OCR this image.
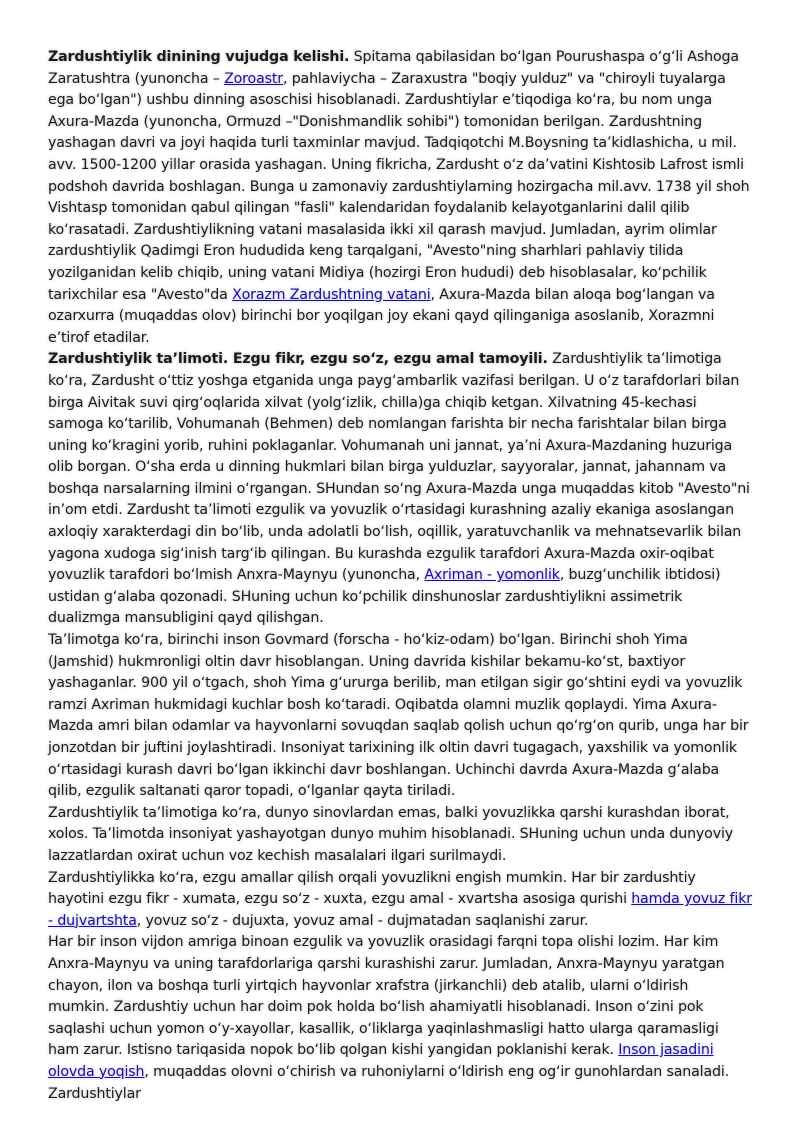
Zardushtiylik dinining vujudga kelishi. Spitama qabilasidan bo‘lgan Pourushaspa o‘g‘li Ashoga Zaratushtra (yunoncha – Zoroastr, pahlaviycha – Zaraxustra "boqiy yulduz" va "chiroyli tuyalarga ega bo‘lgan") ushbu dinning asoschisi hisoblanadi. Zardushtiylar e’tiqodiga ko‘ra, bu nom unga Axura-Mazda (yunoncha, Ormuzd –"Donishmandlik sohibi") tomonidan berilgan. Zardushtning yashagan davri va joyi haqida turli taxminlar mavjud. Tadqiqotchi M.Boysning ta’kidlashicha, u mil. avv. 1500-1200 yillar orasida yashagan. Uning fikricha, Zardusht o‘z da’vatini Kishtosib Lafrost ismli podshoh davrida boshlagan. Bunga u zamonaviy zardushtiylarning hozirgacha mil.avv. 1738 yil shoh Vishtasp tomonidan qabul qilingan "fasli" kalendaridan foydalanib kelayotganlarini dalil qilib ko‘rasatadi. Zardushtiylikning vatani masalasida ikki xil qarash mavjud. Jumladan, ayrim olimlar zardushtiylik Qadimgi Eron hududida keng tarqalgani, "Avesto"ning sharhlari pahlaviy tilida yozilganidan kelib chiqib, uning vatani Midiya (hozirgi Eron hududi) deb hisoblasalar, ko‘pchilik tarixchilar esa "Avesto"da Xorazm Zardushtning vatani, Axura-Mazda bilan aloqa bog‘langan va ozarxurra (muqaddas olov) birinchi bor yoqilgan joy ekani qayd qilinganiga asoslanib, Xorazmni e’tirof etadilar.

Zardushtiylik ta’limoti. Ezgu fikr, ezgu so‘z, ezgu amal tamoyili. Zardushtiylik ta’limotiga ko‘ra, Zardusht o‘ttiz yoshga etganida unga payg‘ambarlik vazifasi berilgan. U o‘z tarafdorlari bilan birga Aivitak suvi qirg‘oqlarida xilvat (yolg‘izlik, chilla)ga chiqib ketgan. Xilvatning 45-kechasi samoga ko‘tarilib, Vohumanah (Behmen) deb nomlangan farishta bir necha farishtalar bilan birga uning ko‘kragini yorib, ruhini poklaganlar. Vohumanah uni jannat, ya’ni Axura-Mazdaning huzuriga olib borgan. O‘sha erda u dinning hukmlari bilan birga yulduzlar, sayyoralar, jannat, jahannam va boshqa narsalarning ilmini o‘rgangan. SHundan so‘ng Axura-Mazda unga muqaddas kitob "Avesto"ni in’om etdi. Zardusht ta’limoti ezgulik va yovuzlik o‘rtasidagi kurashning azaliy ekaniga asoslangan axloqiy xarakterdagi din bo‘lib, unda adolatli bo‘lish, oqillik, yaratuvchanlik va mehnatsevarlik bilan yagona xudoga sig‘inish targ‘ib qilingan. Bu kurashda ezgulik tarafdori Axura-Mazda oxir-oqibat yovuzlik tarafdori bo‘lmish Anxra-Maynyu (yunoncha, Axriman - yomonlik, buzg‘unchilik ibtidosi) ustidan g‘alaba qozonadi. SHuning uchun ko‘pchilik dinshunoslar zardushtiylikni assimetrik dualizmga mansubligini qayd qilishgan.

Ta’limotga ko‘ra, birinchi inson Govmard (forscha - ho‘kiz-odam) bo‘lgan. Birinchi shoh Yima (Jamshid) hukmronligi oltin davr hisoblangan. Uning davrida kishilar bekamu-ko‘st, baxtiyor yashaganlar. 900 yil o‘tgach, shoh Yima g‘ururga berilib, man etilgan sigir go‘shtini eydi va yovuzlik ramzi Axriman hukmidagi kuchlar bosh ko‘taradi. Oqibatda olamni muzlik qoplaydi. Yima Axura-Mazda amri bilan odamlar va hayvonlarni sovuqdan saqlab qolish uchun qo‘rg‘on qurib, unga har bir jonzotdan bir juftini joylashtiradi. Insoniyat tarixining ilk oltin davri tugagach, yaxshilik va yomonlik o‘rtasidagi kurash davri bo‘lgan ikkinchi davr boshlangan. Uchinchi davrda Axura-Mazda g‘alaba qilib, ezgulik saltanati qaror topadi, o‘lganlar qayta tiriladi.

Zardushtiylik ta’limotiga ko‘ra, dunyo sinovlardan emas, balki yovuzlikka qarshi kurashdan iborat, xolos. Ta’limotda insoniyat yashayotgan dunyo muhim hisoblanadi. SHuning uchun unda dunyoviy lazzatlardan oxirat uchun voz kechish masalalari ilgari surilmaydi.

Zardushtiylikka ko‘ra, ezgu amallar qilish orqali yovuzlikni engish mumkin. Har bir zardushtiy hayotini ezgu fikr - xumata, ezgu so‘z - xuxta, ezgu amal - xvartsha asosiga qurishi hamda yovuz fikr - dujvartshta, yovuz so‘z - dujuxta, yovuz amal - dujmatadan saqlanishi zarur.

Har bir inson vijdon amriga binoan ezgulik va yovuzlik orasidagi farqni topa olishi lozim. Har kim Anxra-Maynyu va uning tarafdorlariga qarshi kurashishi zarur. Jumladan, Anxra-Maynyu yaratgan chayon, ilon va boshqa turli yirtqich hayvonlar xrafstra (jirkanchli) deb atalib, ularni o‘ldirish mumkin. Zardushtiy uchun har doim pok holda bo‘lish ahamiyatli hisoblanadi. Inson o‘zini pok saqlashi uchun yomon o‘y-xayollar, kasallik, o‘liklarga yaqinlashmasligi hatto ularga qaramasligi ham zarur. Istisno tariqasida nopok bo‘lib qolgan kishi yangidan poklanishi kerak. Inson jasadini olovda yoqish, muqaddas olovni o‘chirish va ruhoniylarni o‘ldirish eng og‘ir gunohlardan sanaladi. Zardushtiylar
